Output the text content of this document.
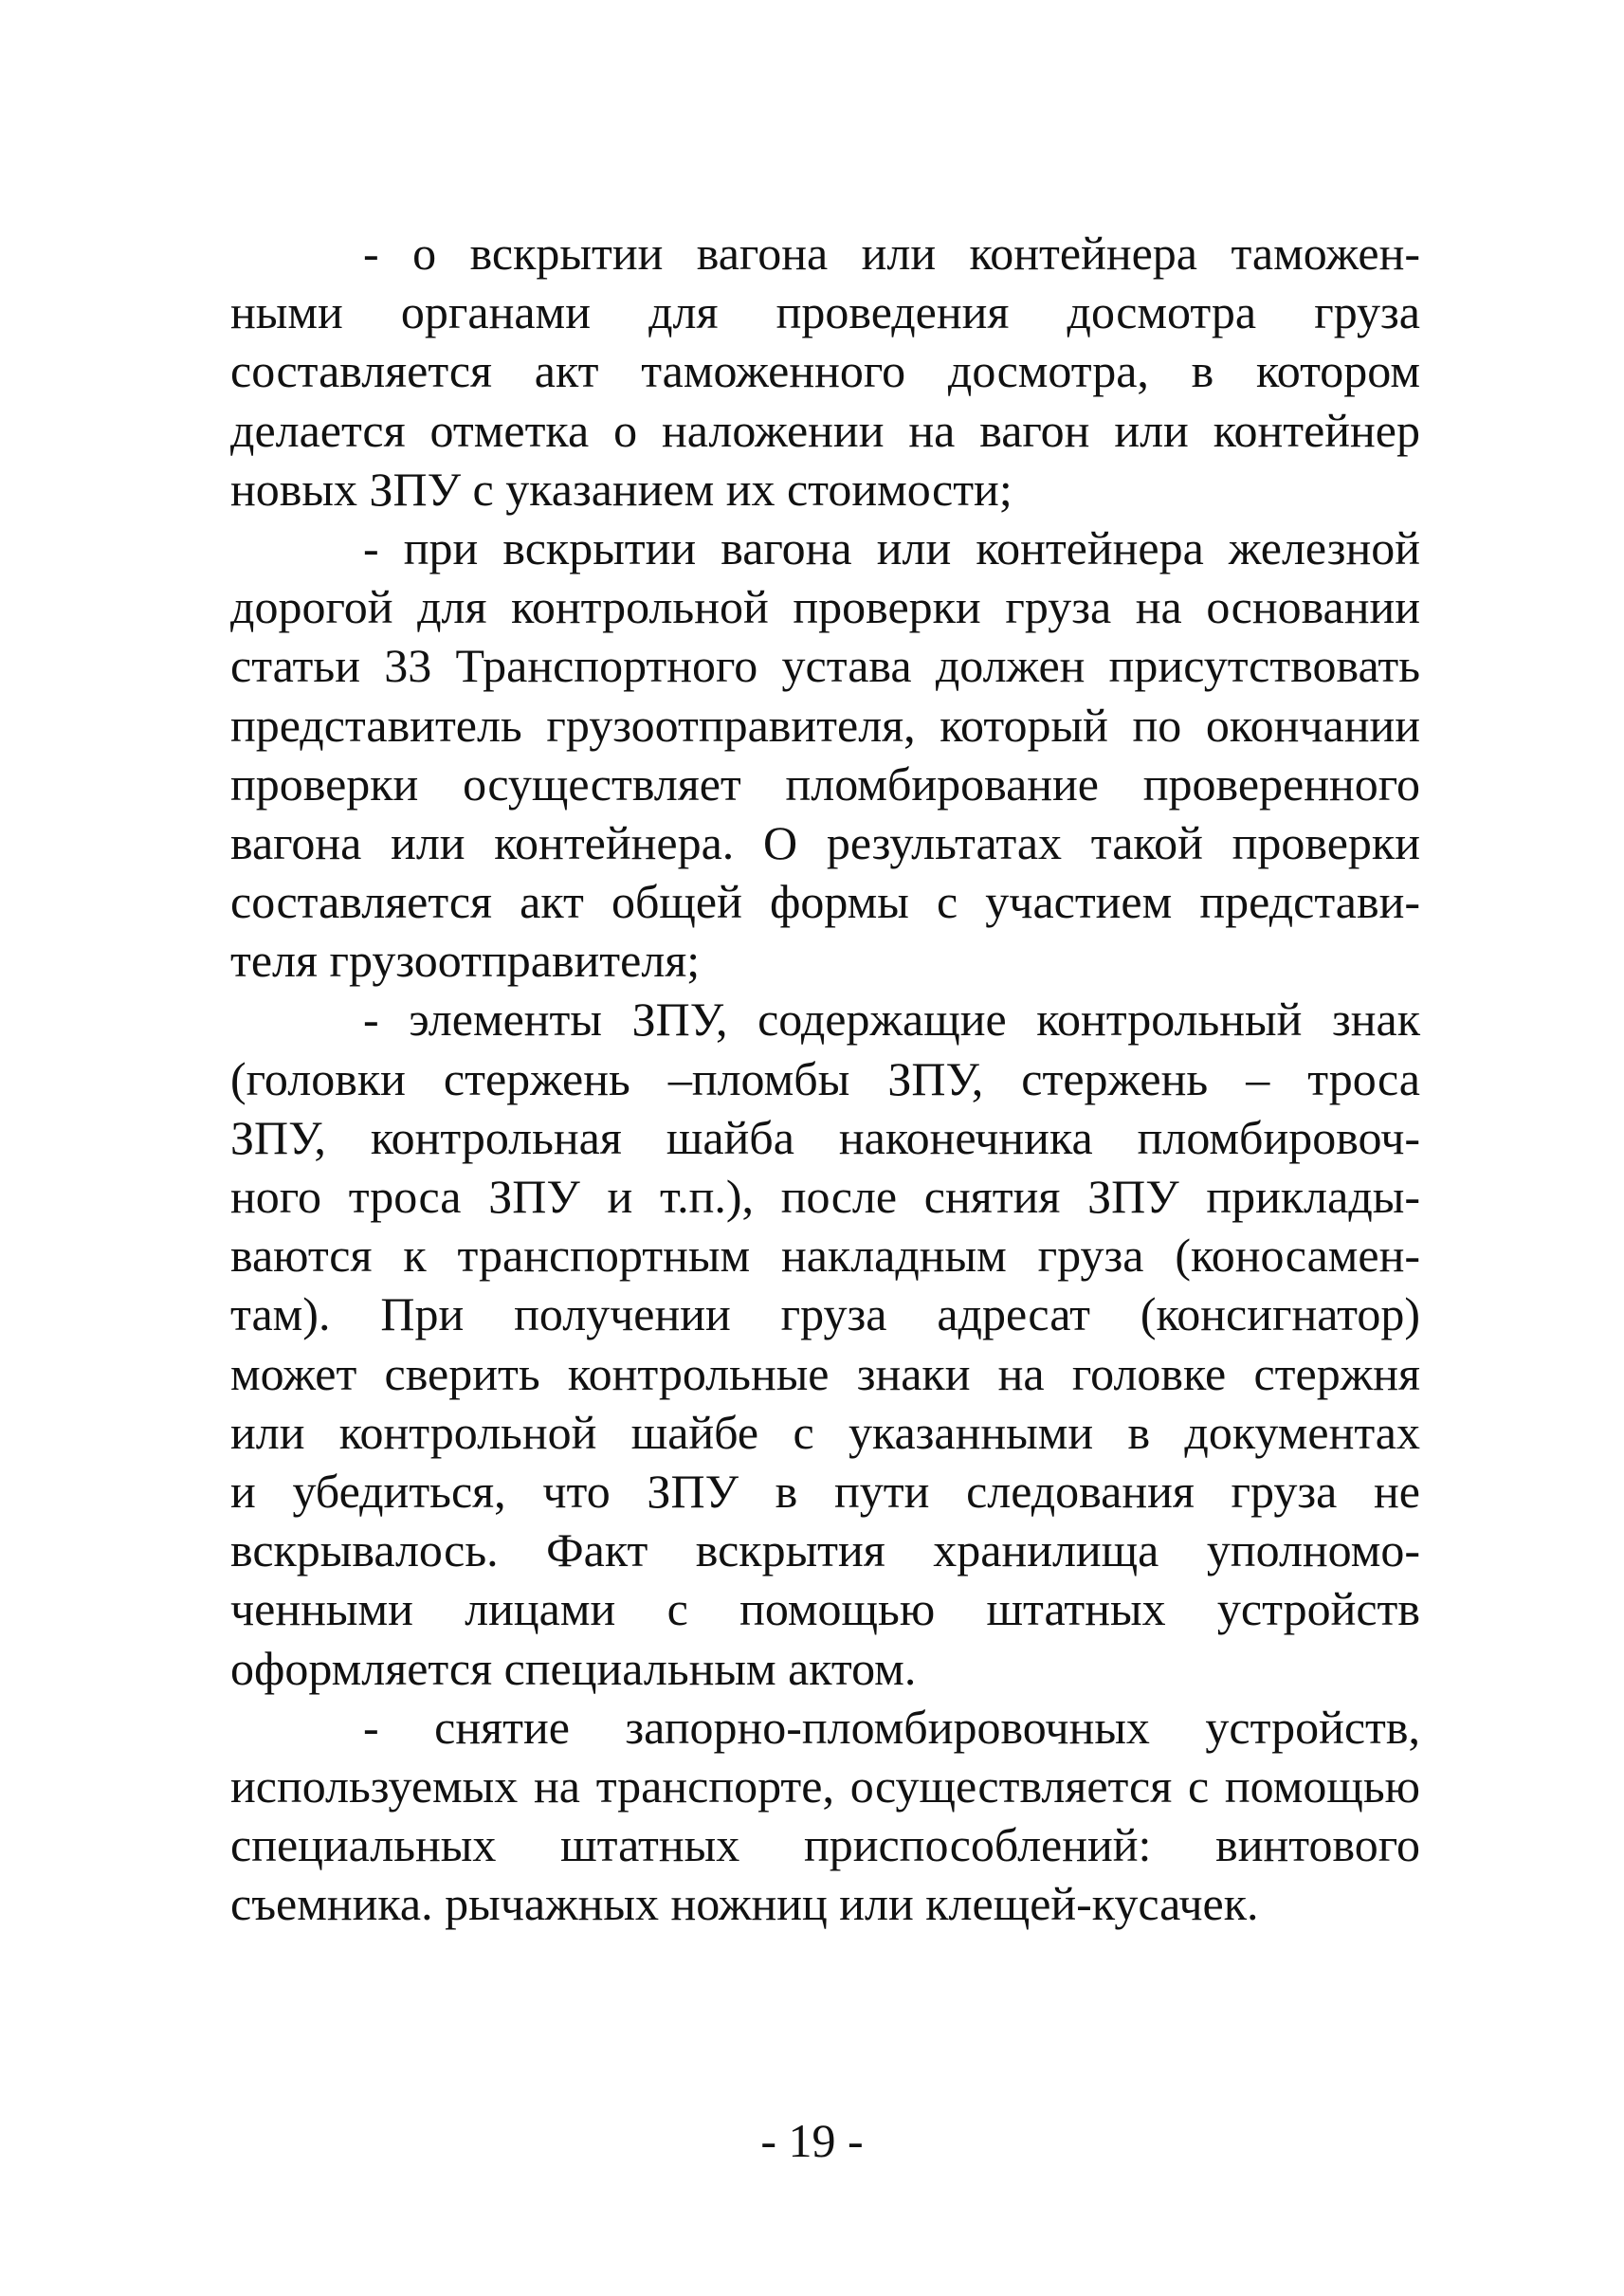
- о вскрытии вагона или контейнера таможен-
ными органами для проведения досмотра груза
составляется акт таможенного досмотра, в котором
делается отметка о наложении на вагон или контейнер
новых ЗПУ с указанием их стоимости;
- при вскрытии вагона или контейнера железной
дорогой для контрольной проверки груза на основании
статьи 33 Транспортного устава должен присутствовать
представитель грузоотправителя, который по окончании
проверки осуществляет пломбирование проверенного
вагона или контейнера. О результатах такой проверки
составляется акт общей формы с участием представи-
теля грузоотправителя;
- элементы ЗПУ, содержащие контрольный знак
(головки стержень –пломбы ЗПУ, стержень – троса
ЗПУ, контрольная шайба наконечника пломбировоч-
ного троса ЗПУ и т.п.), после снятия ЗПУ приклады-
ваются к транспортным накладным груза (коносамен-
там). При получении груза адресат (консигнатор)
может сверить контрольные знаки на головке стержня
или контрольной шайбе с указанными в документах
и убедиться, что ЗПУ в пути следования груза не
вскрывалось. Факт вскрытия хранилища уполномо-
ченными лицами с помощью штатных устройств
оформляется специальным актом.
- снятие запорно-пломбировочных устройств,
используемых на транспорте, осуществляется с помощью
специальных штатных приспособлений: винтового
съемника. рычажных ножниц или клещей-кусачек.
- 19 -
